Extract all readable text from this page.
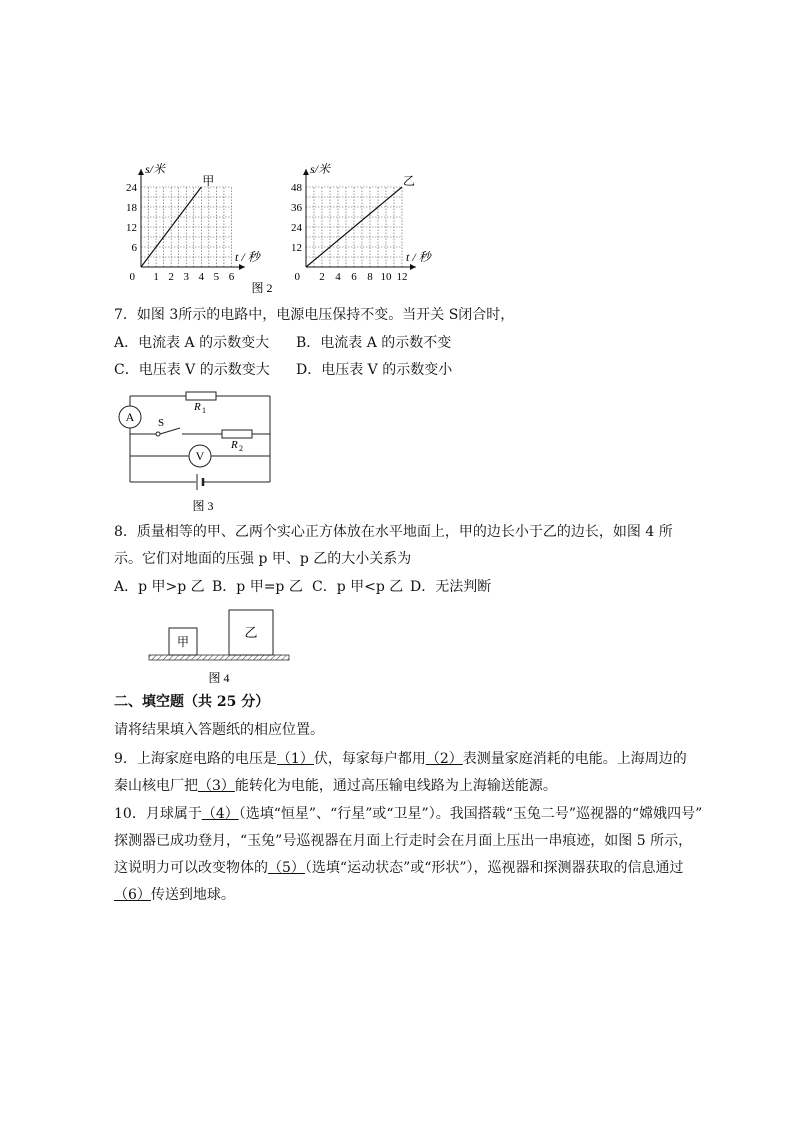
1 2 3 4 5 6
6
12
18
24
0
s/米
t / 秒
甲
2 4 6 8 10 12
12
24
36
48
0
s/米
t / 秒
乙
图 2
7．如图 3所示的电路中，电源电压保持不变。当开关 S闭合时，
A．电流表 A 的示数变大 B．电流表 A 的示数不变
C．电压表 V 的示数变大 D．电压表 V 的示数变小
R 1
R 2
S
A
V
图 3
8．质量相等的甲、乙两个实心正方体放在水平地面上，甲的边长小于乙的边长，如图 4 所
示。它们对地面的压强 p 甲、p 乙的大小关系为
A．p 甲>p 乙 B．p 甲=p 乙 C．p 甲<p 乙 D．无法判断
甲
乙
图 4
二、填空题（共 25 分）
请将结果填入答题纸的相应位置。
9．上海家庭电路的电压是（1）伏，每家每户都用（2）表测量家庭消耗的电能。上海周边的
秦山核电厂把（3）能转化为电能，通过高压输电线路为上海输送能源。
10．月球属于（4）（选填“恒星”、“行星”或“卫星”）。我国搭载“玉兔二号”巡视器的“嫦娥四号”
探测器已成功登月，“玉兔”号巡视器在月面上行走时会在月面上压出一串痕迹，如图 5 所示，
这说明力可以改变物体的（5）（选填“运动状态”或“形状”），巡视器和探测器获取的信息通过
（6）传送到地球。
